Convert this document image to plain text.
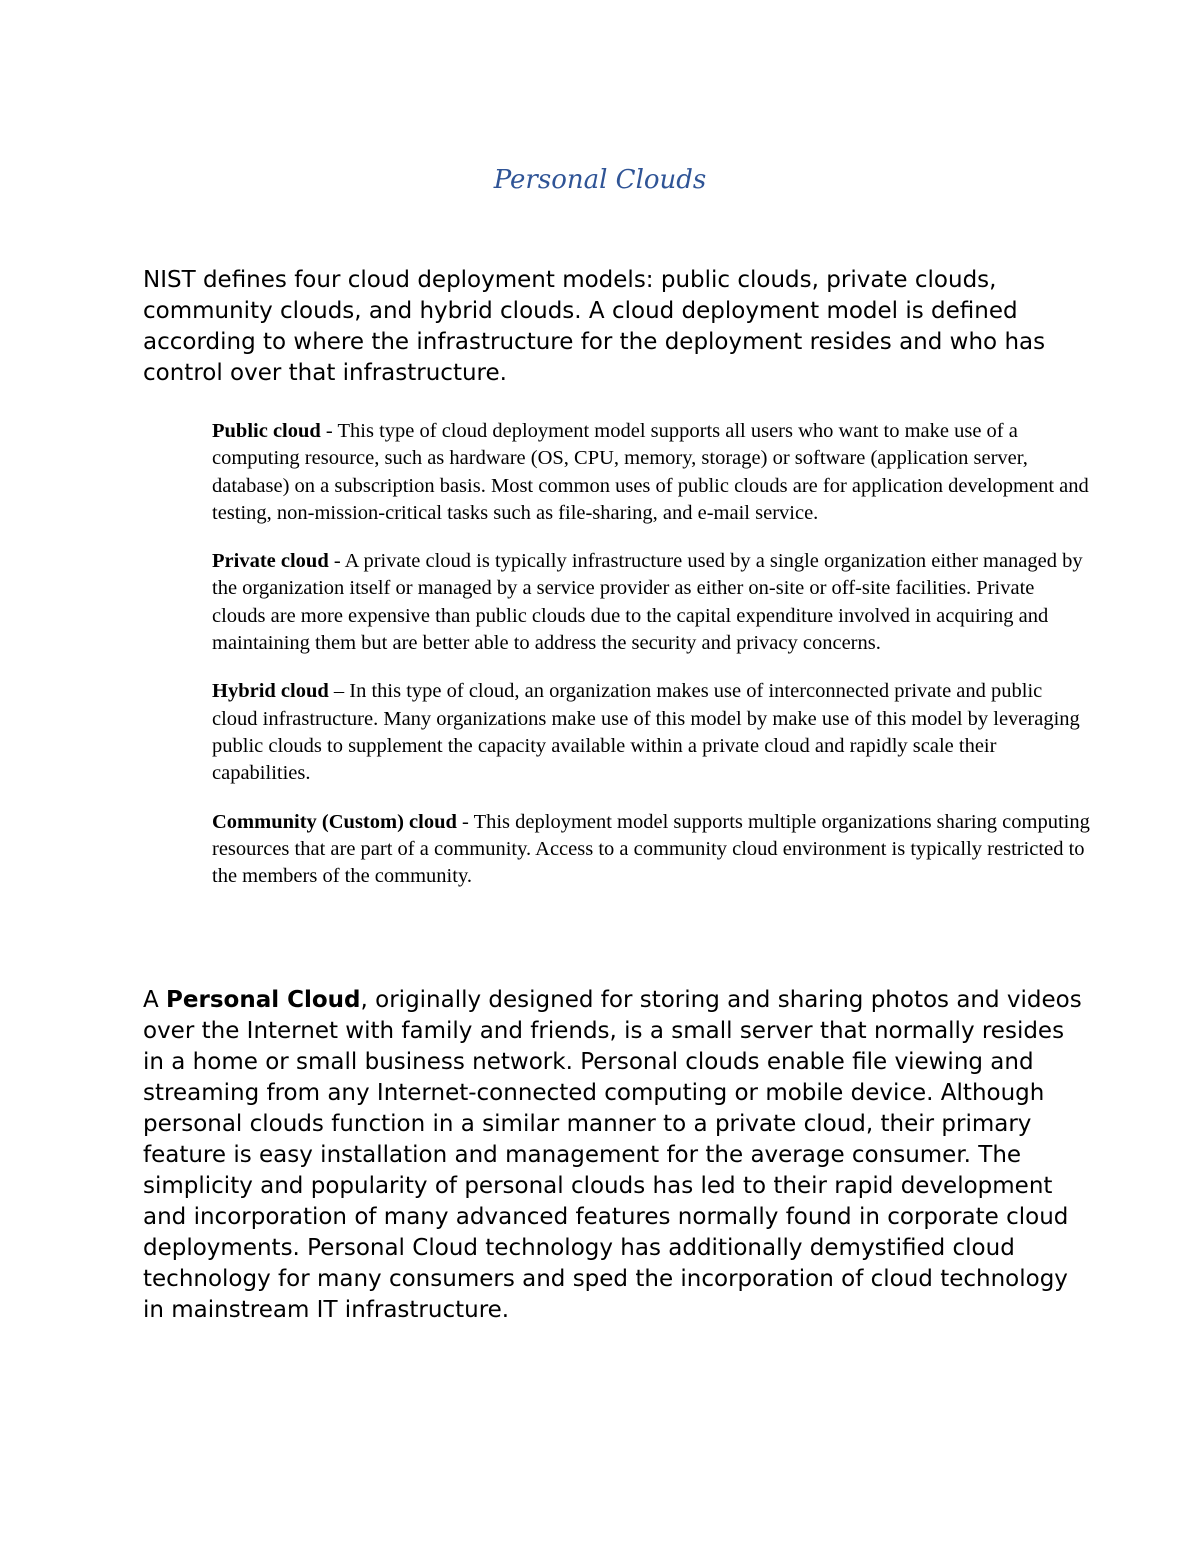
Personal Clouds

NIST defines four cloud deployment models: public clouds, private clouds, community clouds, and hybrid clouds. A cloud deployment model is defined according to where the infrastructure for the deployment resides and who has control over that infrastructure.

Public cloud - This type of cloud deployment model supports all users who want to make use of a computing resource, such as hardware (OS, CPU, memory, storage) or software (application server, database) on a subscription basis. Most common uses of public clouds are for application development and testing, non-mission-critical tasks such as file-sharing, and e-mail service.
Private cloud - A private cloud is typically infrastructure used by a single organization either managed by the organization itself or managed by a service provider as either on-site or off-site facilities. Private clouds are more expensive than public clouds due to the capital expenditure involved in acquiring and maintaining them but are better able to address the security and privacy concerns.
Hybrid cloud – In this type of cloud, an organization makes use of interconnected private and public cloud infrastructure. Many organizations make use of this model by make use of this model by leveraging public clouds to supplement the capacity available within a private cloud and rapidly scale their capabilities.
Community (Custom) cloud - This deployment model supports multiple organizations sharing computing resources that are part of a community. Access to a community cloud environment is typically restricted to the members of the community.

A Personal Cloud, originally designed for storing and sharing photos and videos over the Internet with family and friends, is a small server that normally resides in a home or small business network. Personal clouds enable file viewing and streaming from any Internet-connected computing or mobile device. Although personal clouds function in a similar manner to a private cloud, their primary feature is easy installation and management for the average consumer. The simplicity and popularity of personal clouds has led to their rapid development and incorporation of many advanced features normally found in corporate cloud deployments. Personal Cloud technology has additionally demystified cloud technology for many consumers and sped the incorporation of cloud technology in mainstream IT infrastructure.
